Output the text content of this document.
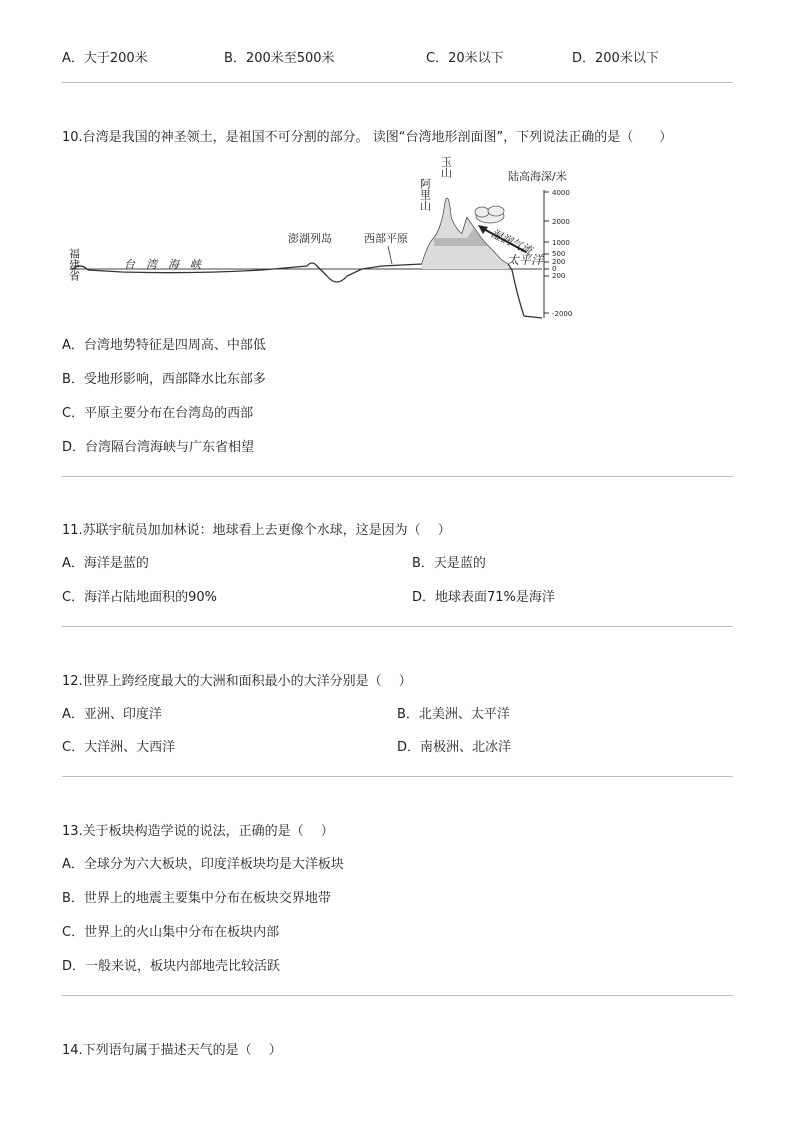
A．大于200米	B．200米至500米	C．20米以下	D．200米以下
10.台湾是我国的神圣领土，是祖国不可分割的部分。 读图“台湾地形剖面图”，下列说法正确的是（　　）
4000
2000
1000
500
200
0
200
-2000
陆高海深/米
福建省	台　湾　海　峡
澎湖列岛	西部平原
阿里山
玉山
湿润气流
太平洋
A．台湾地势特征是四周高、中部低
B．受地形影响，西部降水比东部多
C．平原主要分布在台湾岛的西部
D．台湾隔台湾海峡与广东省相望
11.苏联宇航员加加林说：地球看上去更像个水球，这是因为（　 ）
A．海洋是蓝的	B．天是蓝的
C．海洋占陆地面积的90%	D．地球表面71%是海洋
12.世界上跨经度最大的大洲和面积最小的大洋分别是（　 ）
A．亚洲、印度洋	B．北美洲、太平洋
C．大洋洲、大西洋	D．南极洲、北冰洋
13.关于板块构造学说的说法，正确的是（　 ）
A．全球分为六大板块，印度洋板块均是大洋板块
B．世界上的地震主要集中分布在板块交界地带
C．世界上的火山集中分布在板块内部
D．一般来说，板块内部地壳比较活跃
14.下列语句属于描述天气的是（　 ）
